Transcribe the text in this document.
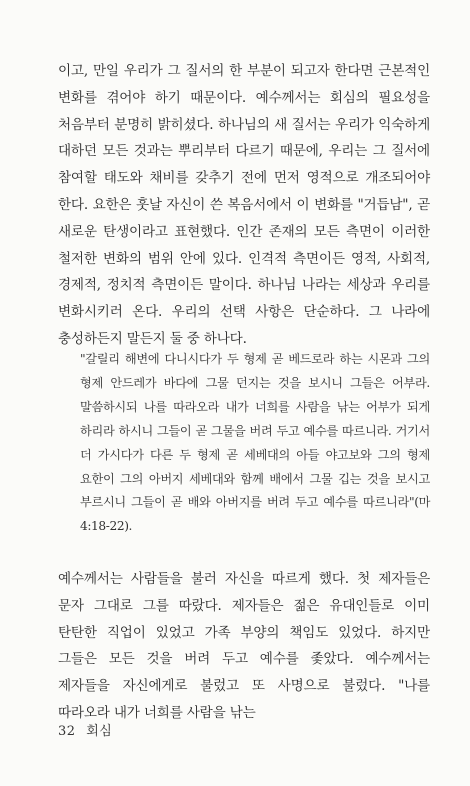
이고, 만일 우리가 그 질서의 한 부분이 되고자 한다면 근본적인 변화를 겪어야 하기 때문이다. 예수께서는 회심의 필요성을 처음부터 분명히 밝히셨다. 하나님의 새 질서는 우리가 익숙하게 대하던 모든 것과는 뿌리부터 다르기 때문에, 우리는 그 질서에 참여할 태도와 채비를 갖추기 전에 먼저 영적으로 개조되어야 한다. 요한은 훗날 자신이 쓴 복음서에서 이 변화를 "거듭남", 곧 새로운 탄생이라고 표현했다. 인간 존재의 모든 측면이 이러한 철저한 변화의 범위 안에 있다. 인격적 측면이든 영적, 사회적, 경제적, 정치적 측면이든 말이다. 하나님 나라는 세상과 우리를 변화시키러 온다. 우리의 선택 사항은 단순하다. 그 나라에 충성하든지 말든지 둘 중 하나다.

"갈릴리 해변에 다니시다가 두 형제 곧 베드로라 하는 시몬과 그의 형제 안드레가 바다에 그물 던지는 것을 보시니 그들은 어부라. 말씀하시되 나를 따라오라 내가 너희를 사람을 낚는 어부가 되게 하리라 하시니 그들이 곧 그물을 버려 두고 예수를 따르니라. 거기서 더 가시다가 다른 두 형제 곧 세베대의 아들 야고보와 그의 형제 요한이 그의 아버지 세베대와 함께 배에서 그물 깁는 것을 보시고 부르시니 그들이 곧 배와 아버지를 버려 두고 예수를 따르니라"(마 4:18-22).

예수께서는 사람들을 불러 자신을 따르게 했다. 첫 제자들은 문자 그대로 그를 따랐다. 제자들은 젊은 유대인들로 이미 탄탄한 직업이 있었고 가족 부양의 책임도 있었다. 하지만 그들은 모든 것을 버려 두고 예수를 좇았다. 예수께서는 제자들을 자신에게로 불렀고 또 사명으로 불렀다. "나를 따라오라 내가 너희를 사람을 낚는

32 회심
